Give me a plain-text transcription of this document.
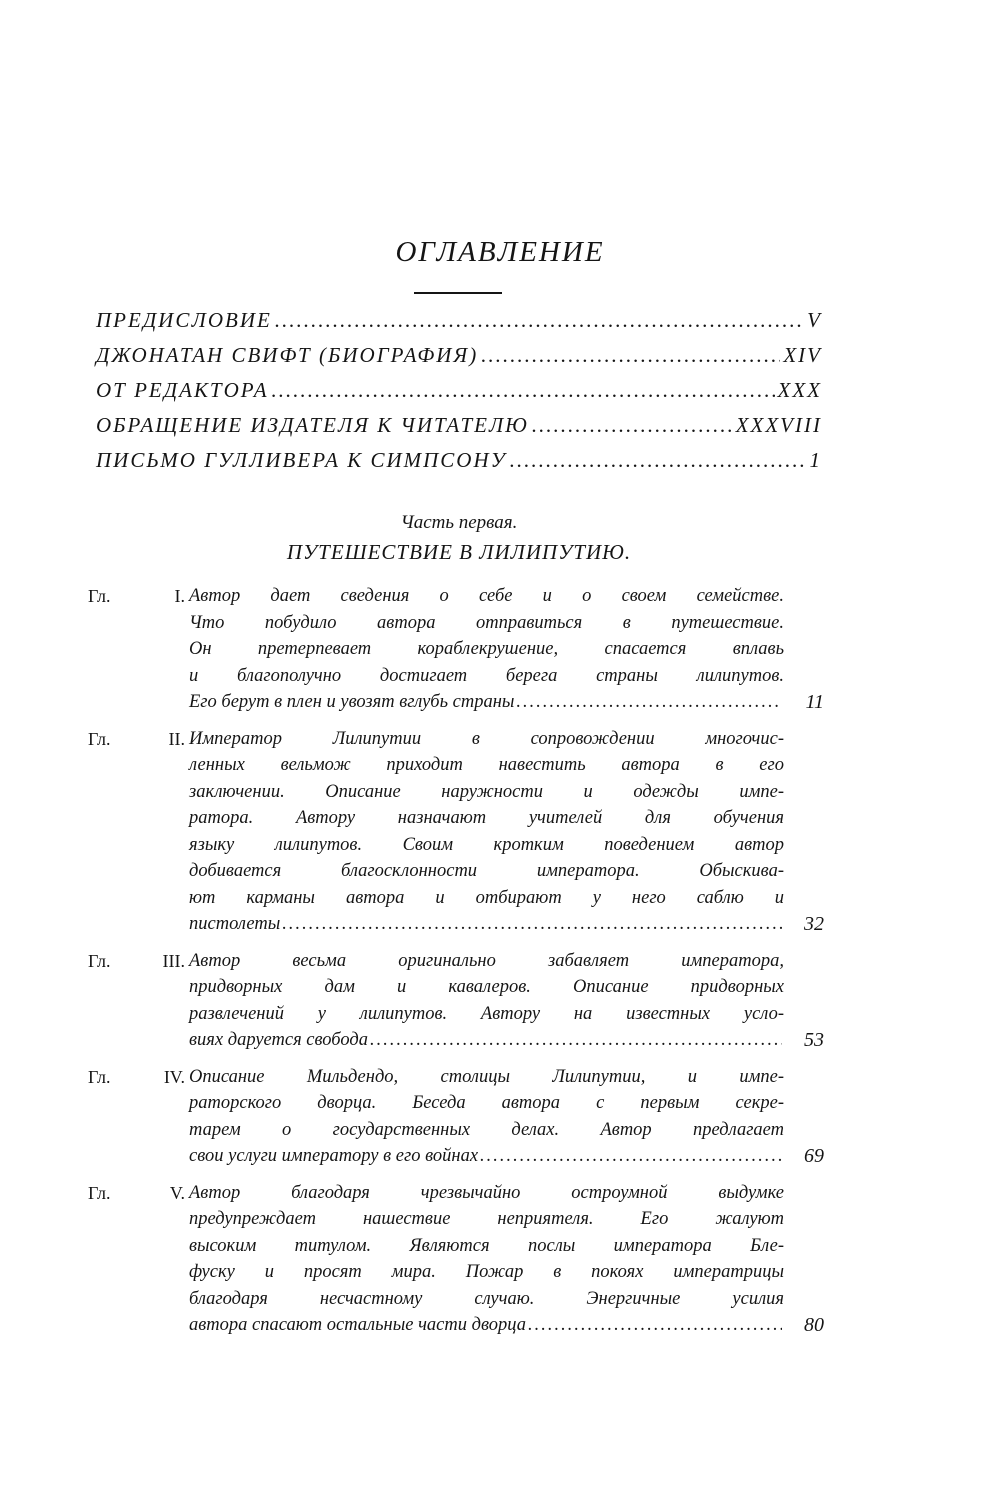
ОГЛАВЛЕНИЕ
ПРЕДИСЛОВИЕ .....	V
ДЖОНАТАН СВИФТ (БИОГРАФИЯ) .....	XIV
ОТ РЕДАКТОРА .....	XXX
ОБРАЩЕНИЕ ИЗДАТЕЛЯ К ЧИТАТЕЛЮ .....	XXXVIII
ПИСЬМО ГУЛЛИВЕРА К СИМПСОНУ .....	1
Часть первая.
ПУТЕШЕСТВИЕ В ЛИЛИПУТИЮ.
Гл.	I. Автор дает сведения о себе и о своем семействе.
Что побудило автора отправиться в путешествие.
Он претерпевает кораблекрушение, спасается вплавь
и благополучно достигает берега страны лилипутов.
Его берут в плен и увозят вглубь страны .....	11
Гл.	II. Император Лилипутии в сопровождении многочис-
ленных вельмож приходит навестить автора в его
заключении. Описание наружности и одежды импе-
ратора. Автору назначают учителей для обучения
языку лилипутов. Своим кротким поведением автор
добивается благосклонности императора. Обыскива-
ют карманы автора и отбирают у него саблю и
пистолеты .....	32
Гл.	III. Автор весьма оригинально забавляет императора,
придворных дам и кавалеров. Описание придворных
развлечений у лилипутов. Автору на известных усло-
виях даруется свобода .....	53
Гл.	IV. Описание Мильдендо, столицы Лилипутии, и импе-
раторского дворца. Беседа автора с первым секре-
тарем о государственных делах. Автор предлагает
свои услуги императору в его войнах .....	69
Гл.	V. Автор благодаря чрезвычайно остроумной выдумке
предупреждает нашествие неприятеля. Его жалуют
высоким титулом. Являются послы императора Бле-
фуску и просят мира. Пожар в покоях императрицы
благодаря несчастному случаю. Энергичные усилия
автора спасают остальные части дворца .....	80
